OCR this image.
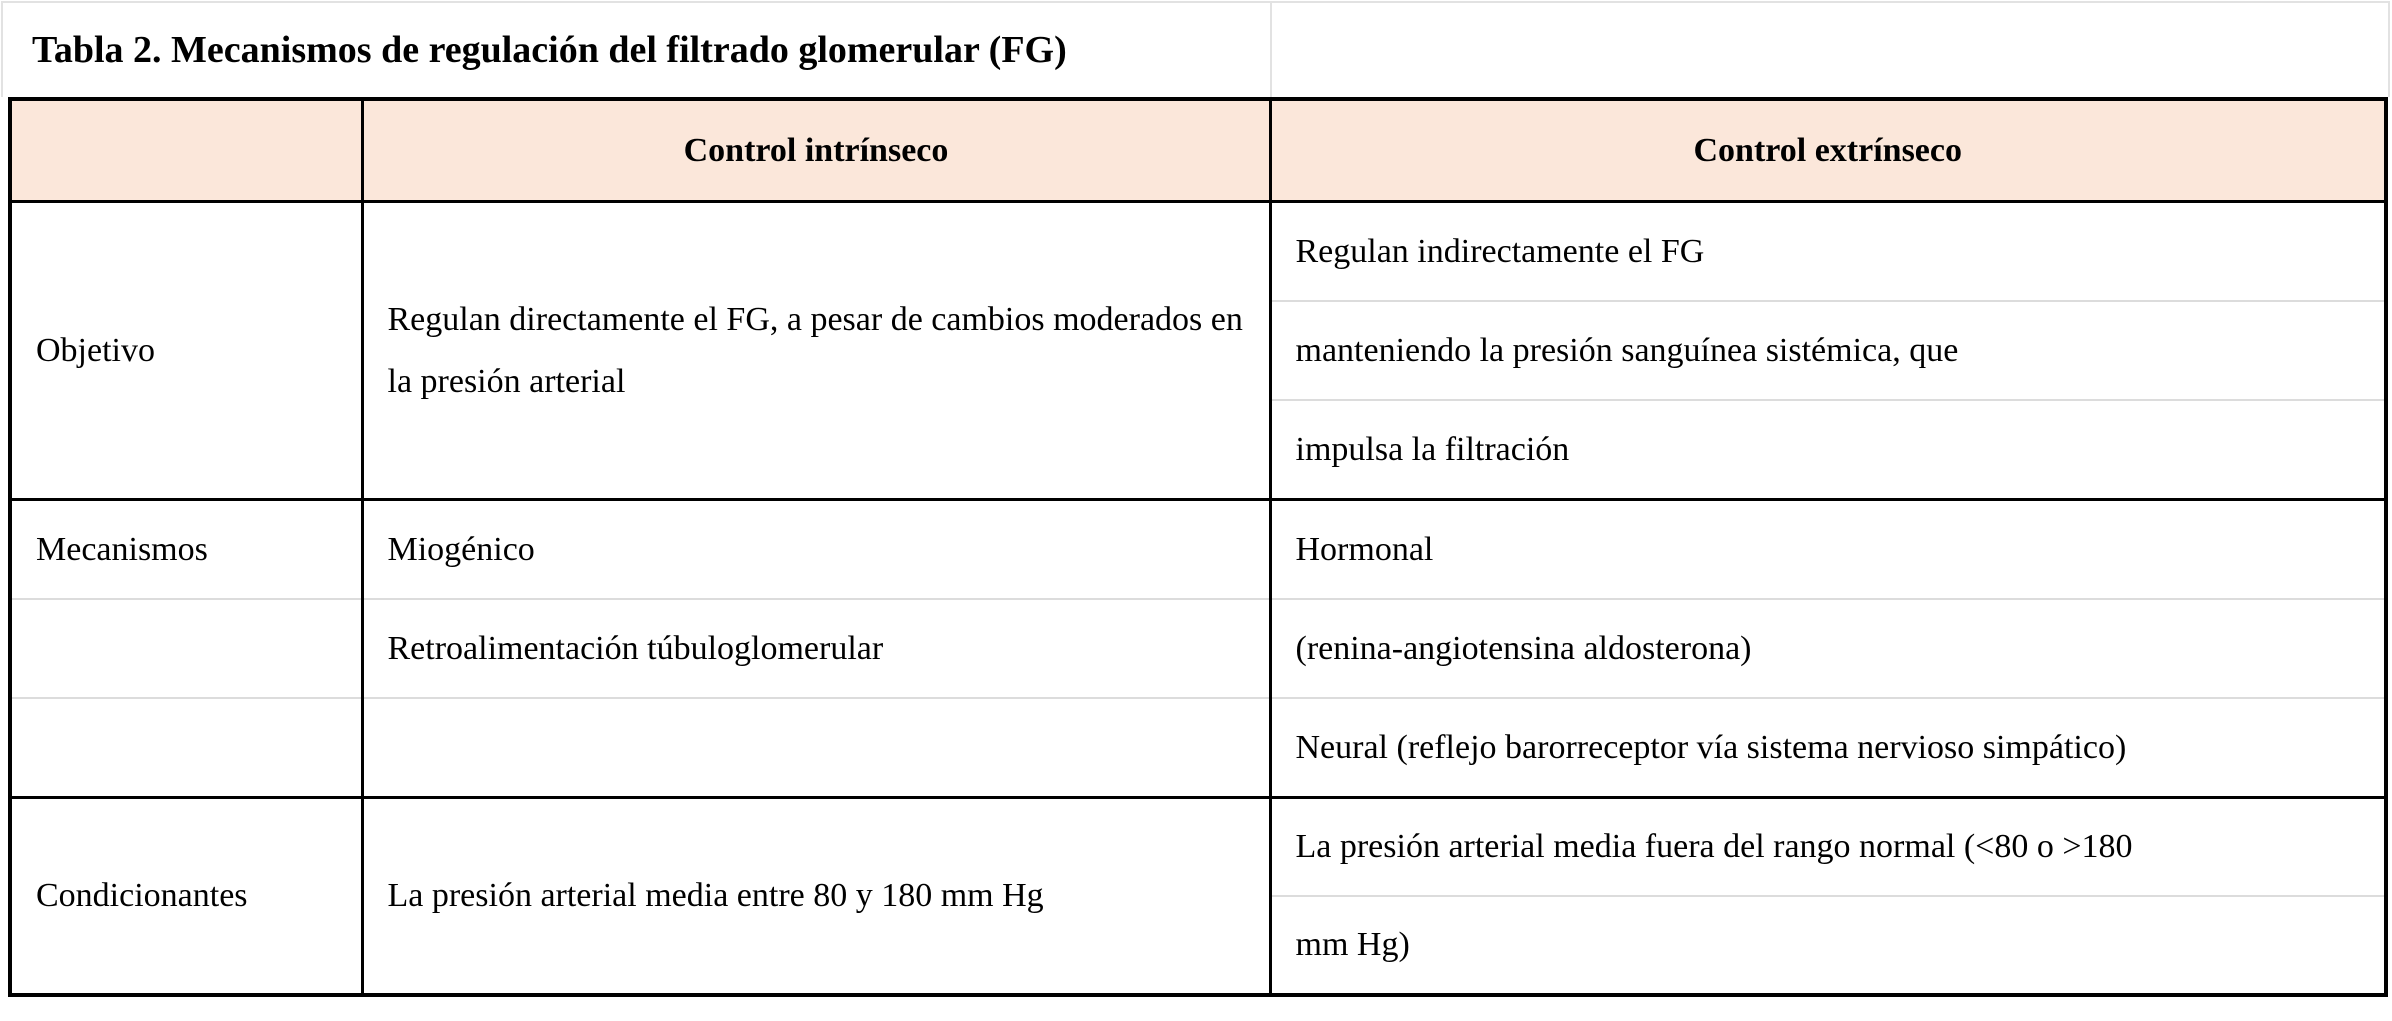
Tabla 2. Mecanismos de regulación del filtrado glomerular (FG)
	Control intrínseco	Control extrínseco
Objetivo	Regulan directamente el FG, a pesar de cambios moderados en la presión arterial	Regulan indirectamente el FG
		manteniendo la presión sanguínea sistémica, que
		impulsa la filtración
Mecanismos	Miogénico	Hormonal
	Retroalimentación túbuloglomerular	(renina-angiotensina aldosterona)
		Neural (reflejo barorreceptor vía sistema nervioso simpático)
Condicionantes	La presión arterial media entre 80 y 180 mm Hg	La presión arterial media fuera del rango normal (<80 o >180
		mm Hg)
